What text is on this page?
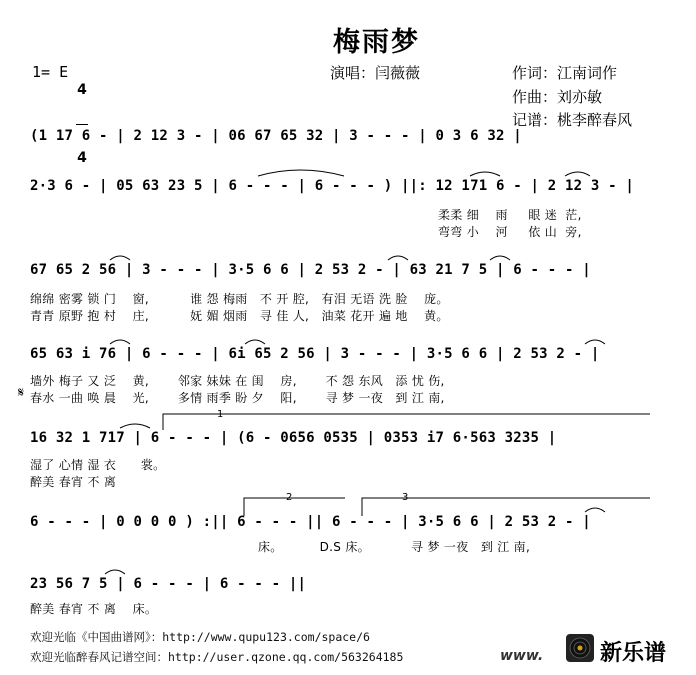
梅雨梦
1= E

4

4

演唱：闫薇薇	作词：江南词作
作曲：刘亦敏
记谱：桃李醉春风
(1 17 6 - | 2 12 3 - | 06 67 65 32 | 3 - - - | 0 3 6 32 |
2·3 6 - | 05 63 23 5 | 6 - - - | 6 - - - ) ||: 12 171 6 - | 2 12 3 - |
柔柔 细    雨     眼 迷  茫,
弯弯 小    河     依 山  旁,
67 65 2 56 | 3 - - - | 3·5 6 6 | 2 53 2 - | 63 21 7 5 | 6 - - - |
绵绵 密雾 锁 门    窗,          谁 怨 梅雨   不 开 腔,   有泪 无语 洗 脸    庞。
青青 原野 抱 村    庄,          妩 媚 烟雨   寻 佳 人,   油菜 花开 遍 地    黄。
65 63 i 76 | 6 - - - | 6i 65 2 56 | 3 - - - | 3·5 6 6 | 2 53 2 - |
墙外 梅子 又 泛    黄,       邻家 妹妹 在 闺    房,       不 怨 东风   添 忧 伤,
𝄋 春水 一曲 唤 晨    光,       多情 雨季 盼 夕    阳,       寻 梦 一夜   到 江 南,
1
16 32 1 717 | 6 - - - | (6 - 0656 0535 | 0353 i7 6·563 3235 |
湿了 心情 湿 衣      裳。
醉美 春宵 不 离
2	3
6 - - - | 0 0 0 0 ) :|| 6 - - - || 6 - - - | 3·5 6 6 | 2 53 2 - |
床。         D.S 床。          寻 梦 一夜   到 江 南,
23 56 7 5 | 6 - - - | 6 - - - ||
醉美 春宵 不 离    床。
欢迎光临《中国曲谱网》：http://www.qupu123.com/space/6
欢迎光临醉春风记谱空间：http://user.qzone.qq.com/563264185	www.	新乐谱
